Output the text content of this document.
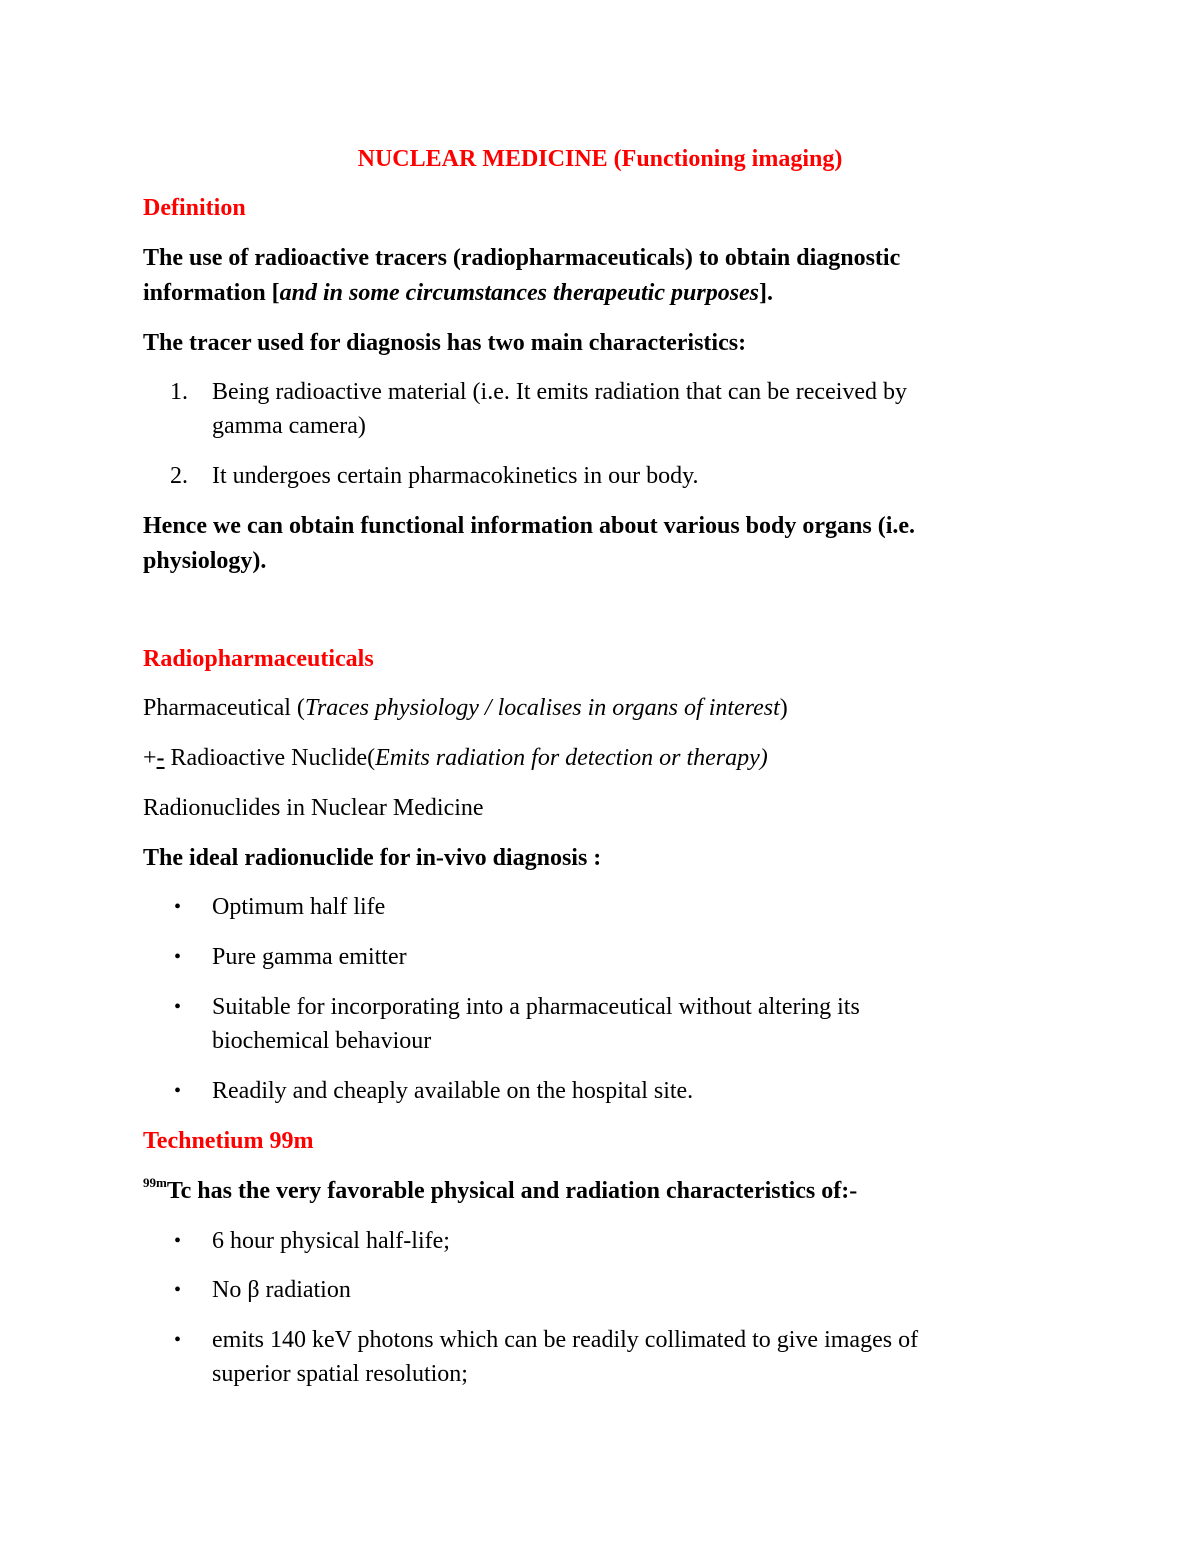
NUCLEAR MEDICINE (Functioning imaging)
Definition
The use of radioactive tracers (radiopharmaceuticals) to obtain diagnostic
information [and in some circumstances therapeutic purposes].
The tracer used for diagnosis has two main characteristics:
1.	Being radioactive material (i.e. It emits radiation that can be received by
gamma camera)
2.	It undergoes certain pharmacokinetics in our body.
Hence we can obtain functional information about various body organs (i.e.
physiology).
Radiopharmaceuticals
Pharmaceutical (Traces physiology / localises in organs of interest)
+- Radioactive Nuclide(Emits radiation for detection or therapy)
Radionuclides in Nuclear Medicine
The ideal radionuclide for in-vivo diagnosis :
•	Optimum half life
•	Pure gamma emitter
•	Suitable for incorporating into a pharmaceutical without altering its
biochemical behaviour
•	Readily and cheaply available on the hospital site.
Technetium 99m
$^{99m}$Tc has the very favorable physical and radiation characteristics of:-
•	6 hour physical half-life;
•	No β radiation
•	emits 140 keV photons which can be readily collimated to give images of
superior spatial resolution;
